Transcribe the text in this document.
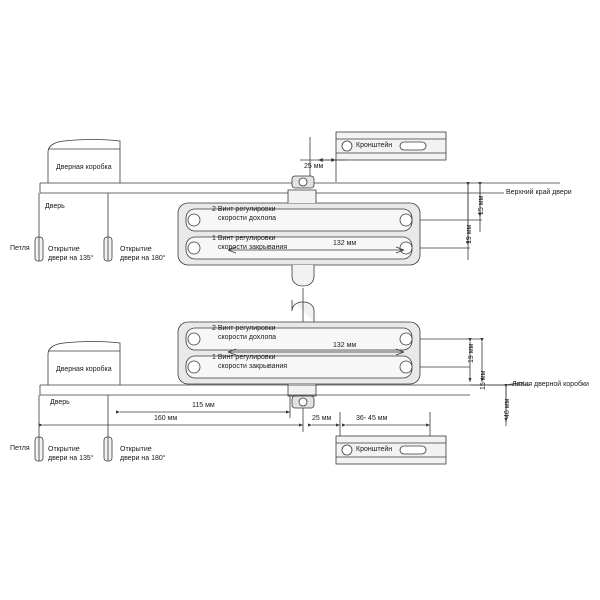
Кронштейн
25 мм
Дверная коробка
Верхний край двери
Дверь
Петля
2 Винт регулировки
скорости дохлопа
1 Винт регулировки
скорости закрывания
132 мм
15 мм
19 мм
Открытие
двери на 135°
Открытие
двери на 180°
2 Винт регулировки
скорости дохлопа
1 Винт регулировки
скорости закрывания
132 мм
Дверная коробка
Дверь
Линия дверной коробки
19 мм
15 мм
46 мм
115 мм
160 мм	25 мм	36- 45 мм
Петля	Открытие
двери на 135°
Открытие
двери на 180°
Кронштейн
